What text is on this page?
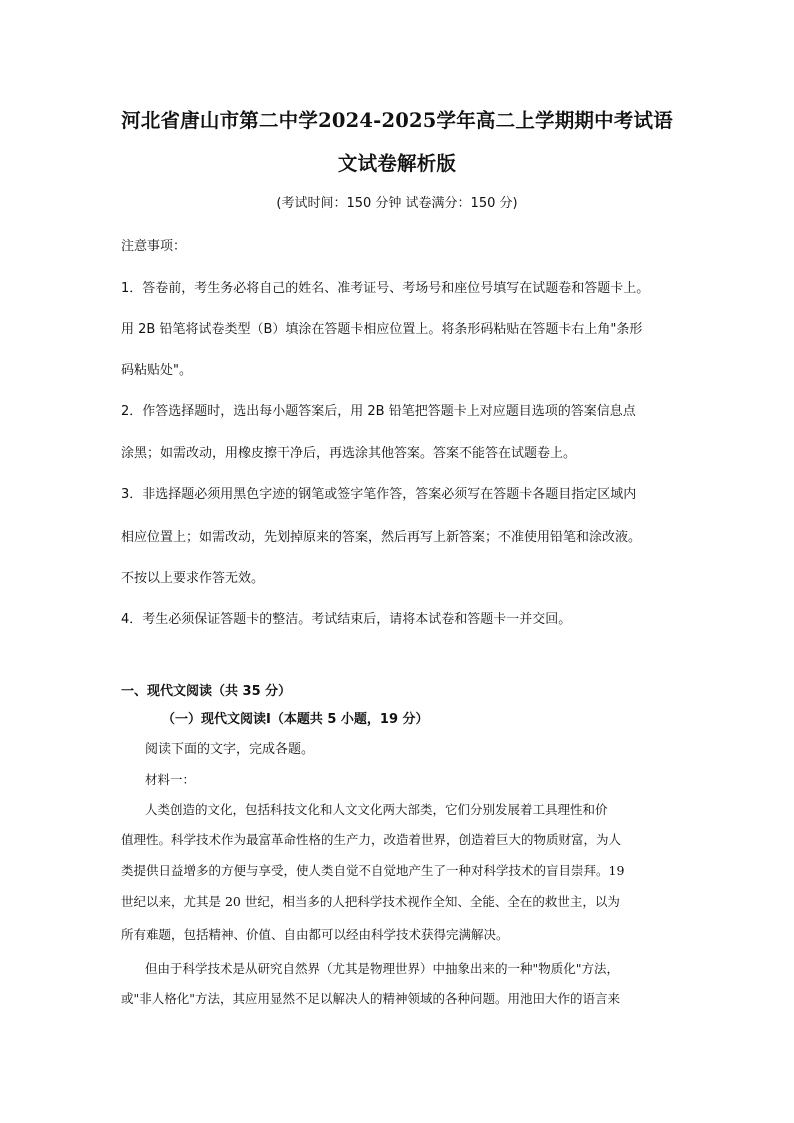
河北省唐山市第二中学2024-2025学年高二上学期期中考试语
文试卷解析版
(考试时间：150 分钟 试卷满分：150 分)
注意事项：
1．答卷前，考生务必将自己的姓名、准考证号、考场号和座位号填写在试题卷和答题卡上。
用 2B 铅笔将试卷类型（B）填涂在答题卡相应位置上。将条形码粘贴在答题卡右上角"条形
码粘贴处"。
2．作答选择题时，选出每小题答案后，用 2B 铅笔把答题卡上对应题目选项的答案信息点
涂黑；如需改动，用橡皮擦干净后，再选涂其他答案。答案不能答在试题卷上。
3．非选择题必须用黑色字迹的钢笔或签字笔作答，答案必须写在答题卡各题目指定区域内
相应位置上；如需改动，先划掉原来的答案，然后再写上新答案；不准使用铅笔和涂改液。
不按以上要求作答无效。
4．考生必须保证答题卡的整洁。考试结束后，请将本试卷和答题卡一并交回。
一、现代文阅读（共 35 分）
（一）现代文阅读Ⅰ（本题共 5 小题，19 分）
阅读下面的文字，完成各题。
材料一：
人类创造的文化，包括科技文化和人文文化两大部类，它们分别发展着工具理性和价
值理性。科学技术作为最富革命性格的生产力，改造着世界，创造着巨大的物质财富，为人
类提供日益增多的方便与享受，使人类自觉不自觉地产生了一种对科学技术的盲目崇拜。19
世纪以来，尤其是 20 世纪，相当多的人把科学技术视作全知、全能、全在的救世主，以为
所有难题，包括精神、价值、自由都可以经由科学技术获得完满解决。
但由于科学技术是从研究自然界（尤其是物理世界）中抽象出来的一种"物质化"方法，
或"非人格化"方法，其应用显然不足以解决人的精神领域的各种问题。用池田大作的语言来
